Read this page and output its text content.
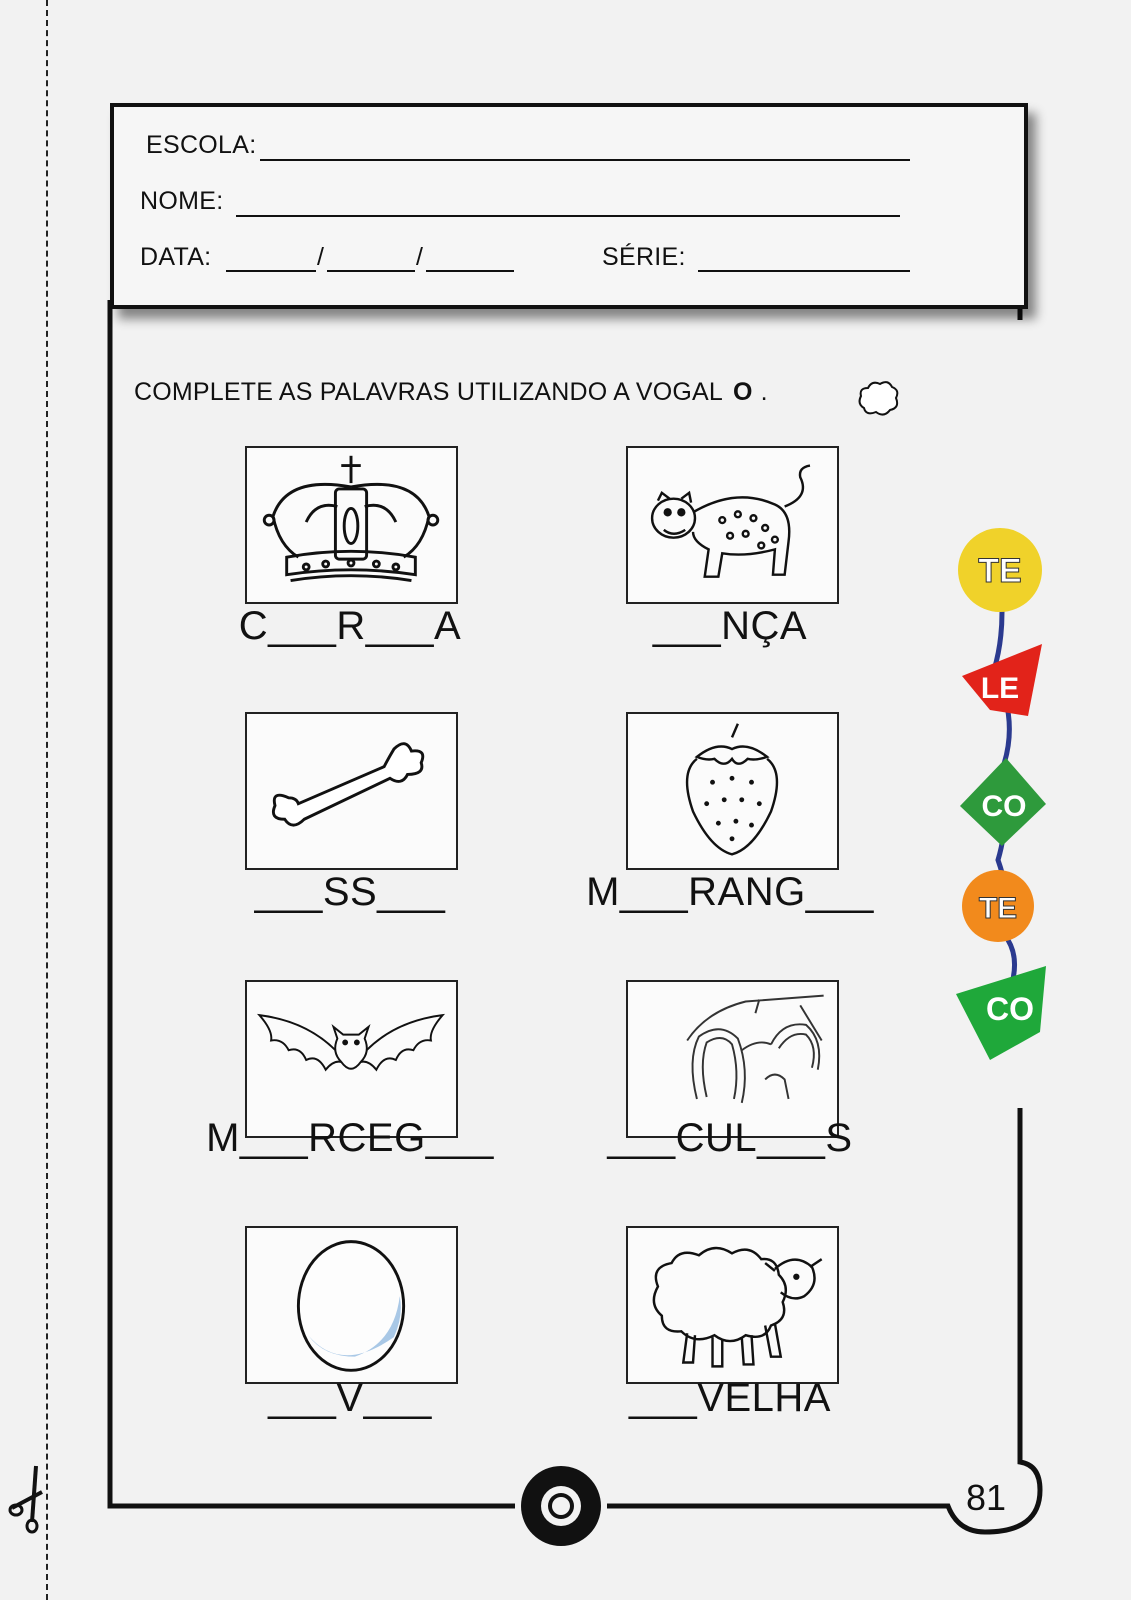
ESCOLA:
NOME:
DATA:	/	/	SÉRIE:
COMPLETE AS PALAVRAS UTILIZANDO A VOGAL O .
C___R___A	___NÇA
___SS___	M___RANG___
M___RCEG___	___CUL___S
___V___	___VELHA
TE
LE
CO
TE
CO
81
